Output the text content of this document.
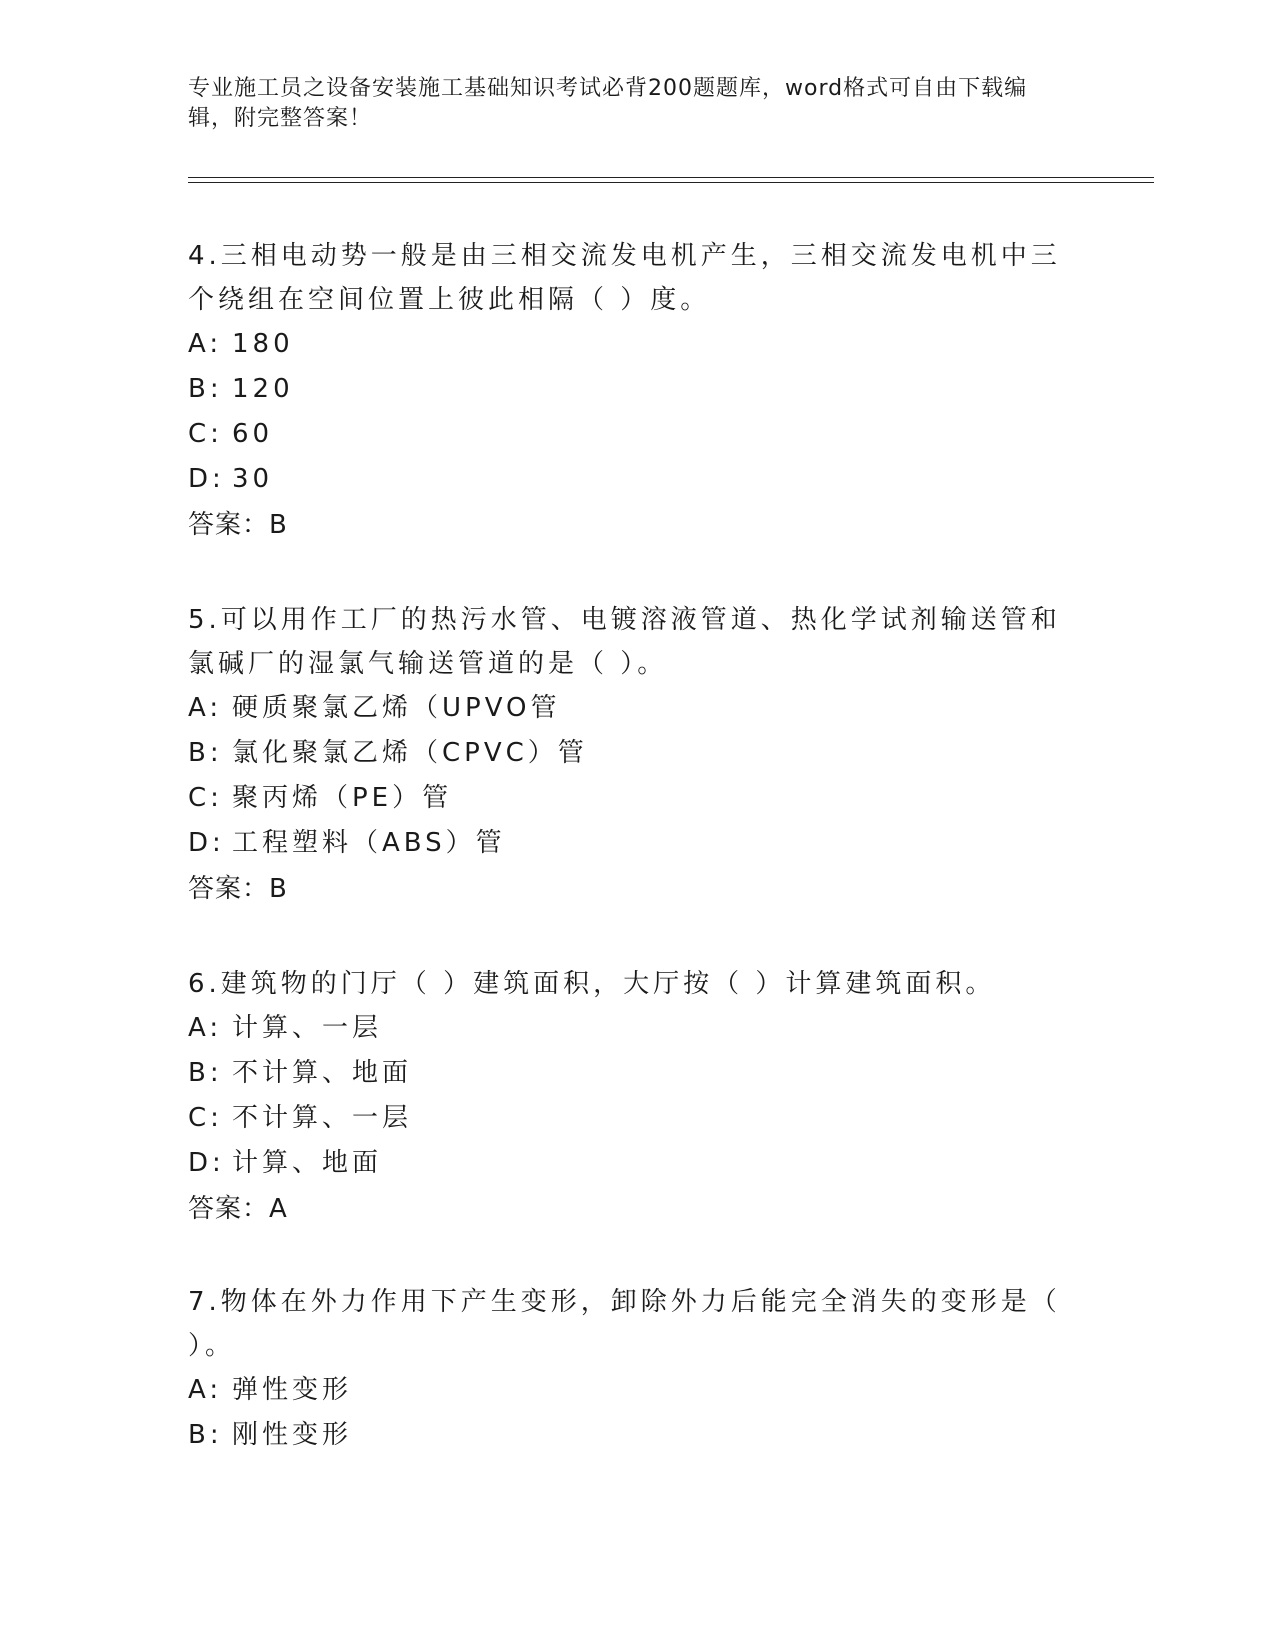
专业施工员之设备安装施工基础知识考试必背200题题库，word格式可自由下载编辑，附完整答案！

4.三相电动势一般是由三相交流发电机产生，三相交流发电机中三个绕组在空间位置上彼此相隔（ ）度。

A: 180

B: 120

C: 60

D: 30

答案：B

5.可以用作工厂的热污水管、电镀溶液管道、热化学试剂输送管和氯碱厂的湿氯气输送管道的是（ ）。

A: 硬质聚氯乙烯（UPVO管

B: 氯化聚氯乙烯（CPVC）管

C: 聚丙烯（PE）管

D: 工程塑料（ABS）管

答案：B

6.建筑物的门厅（ ）建筑面积，大厅按（ ）计算建筑面积。

A: 计算、一层

B: 不计算、地面

C: 不计算、一层

D: 计算、地面

答案：A

7.物体在外力作用下产生变形，卸除外力后能完全消失的变形是（ ）。

A: 弹性变形

B: 刚性变形
